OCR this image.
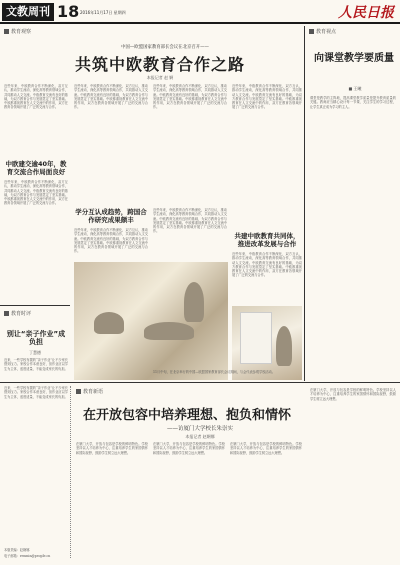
文教周刊 18 2016年11月17日 星期四	人民日报
教育观察	教育视点
中国—欧盟国家教育部长会议在北京召开——
共筑中欧教育合作之路
本报记者 赵 婀
近些年来，中欧教育合作不断深化，双方互认，推动学生流动，深化高等教育领域合作，共同推动人文交流。中欧教育交流有良好的基础，为双方教育合作与发展奠定了坚实基础。中欧都重视教育在人文交流中的作用，双方在教育各领域开展了广泛的交流与合作。
近些年来，中欧教育合作不断深化，双方互认，推动学生流动，深化高等教育领域合作，共同推动人文交流。中欧教育交流有良好的基础，为双方教育合作与发展奠定了坚实基础。中欧都重视教育在人文交流中的作用，双方在教育各领域开展了广泛的交流与合作。
近些年来，中欧教育合作不断深化，双方互认，推动学生流动，深化高等教育领域合作，共同推动人文交流。中欧教育交流有良好的基础，为双方教育合作与发展奠定了坚实基础。中欧都重视教育在人文交流中的作用，双方在教育各领域开展了广泛的交流与合作。
近些年来，中欧教育合作不断深化，双方互认，推动学生流动，深化高等教育领域合作，共同推动人文交流。中欧教育交流有良好的基础，为双方教育合作与发展奠定了坚实基础。中欧都重视教育在人文交流中的作用，双方在教育各领域开展了广泛的交流与合作。
中欧建交逾40年，教育交流合作局面良好
近些年来，中欧教育合作不断深化，双方互认，推动学生流动，深化高等教育领域合作，共同推动人文交流。中欧教育交流有良好的基础，为双方教育合作与发展奠定了坚实基础。中欧都重视教育在人文交流中的作用，双方在教育各领域开展了广泛的交流与合作。
学分互认成趋势，跨国合作研究成果颇丰
近些年来，中欧教育合作不断深化，双方互认，推动学生流动，深化高等教育领域合作，共同推动人文交流。中欧教育交流有良好的基础，为双方教育合作与发展奠定了坚实基础。中欧都重视教育在人文交流中的作用，双方在教育各领域开展了广泛的交流与合作。
近些年来，中欧教育合作不断深化，双方互认，推动学生流动，深化高等教育领域合作，共同推动人文交流。中欧教育交流有良好的基础，为双方教育合作与发展奠定了坚实基础。中欧都重视教育在人文交流中的作用，双方在教育各领域开展了广泛的交流与合作。
共建中欧教育共同体，推进改革发展与合作
近些年来，中欧教育合作不断深化，双方互认，推动学生流动，深化高等教育领域合作，共同推动人文交流。中欧教育交流有良好的基础，为双方教育合作与发展奠定了坚实基础。中欧都重视教育在人文交流中的作用，双方在教育各领域开展了广泛的交流与合作。
11月中旬，在北京举行的中国—欧盟国家教育部长会议期间，与会代表参观学校活动。
向课堂教学要质量
■ 王曦
课堂是教学的主阵地，提高课堂教学质量是提升教育质量的关键。教师应当精心设计每一节课，关注学生的学习过程，让学生真正成为学习的主人。
教育时评
别让“亲子作业”成负担
丁慧德
近来，一些学校布置的“亲子作业”让不少家长感到压力。家校合作本意良好，但作业应以学生为主体，适度适量，不能变成家长的负担。
近来，一些学校布置的“亲子作业”让不少家长感到压力。家校合作本意良好，但作业应以学生为主体，适度适量，不能变成家长的负担。
教育新语
在开放包容中培养理想、抱负和情怀
——访厦门大学校长朱崇实
本报记者 赵婀娜
在厦门大学，开放与包容是学校的鲜明特色。学校坚持以人才培养为中心，注重培养学生的家国情怀和国际视野，鼓励学生树立远大理想。
在厦门大学，开放与包容是学校的鲜明特色。学校坚持以人才培养为中心，注重培养学生的家国情怀和国际视野，鼓励学生树立远大理想。
在厦门大学，开放与包容是学校的鲜明特色。学校坚持以人才培养为中心，注重培养学生的家国情怀和国际视野，鼓励学生树立远大理想。
在厦门大学，开放与包容是学校的鲜明特色。学校坚持以人才培养为中心，注重培养学生的家国情怀和国际视野，鼓励学生树立远大理想。
本版责编：赵婀娜
电子邮箱：renmin@people.cn
